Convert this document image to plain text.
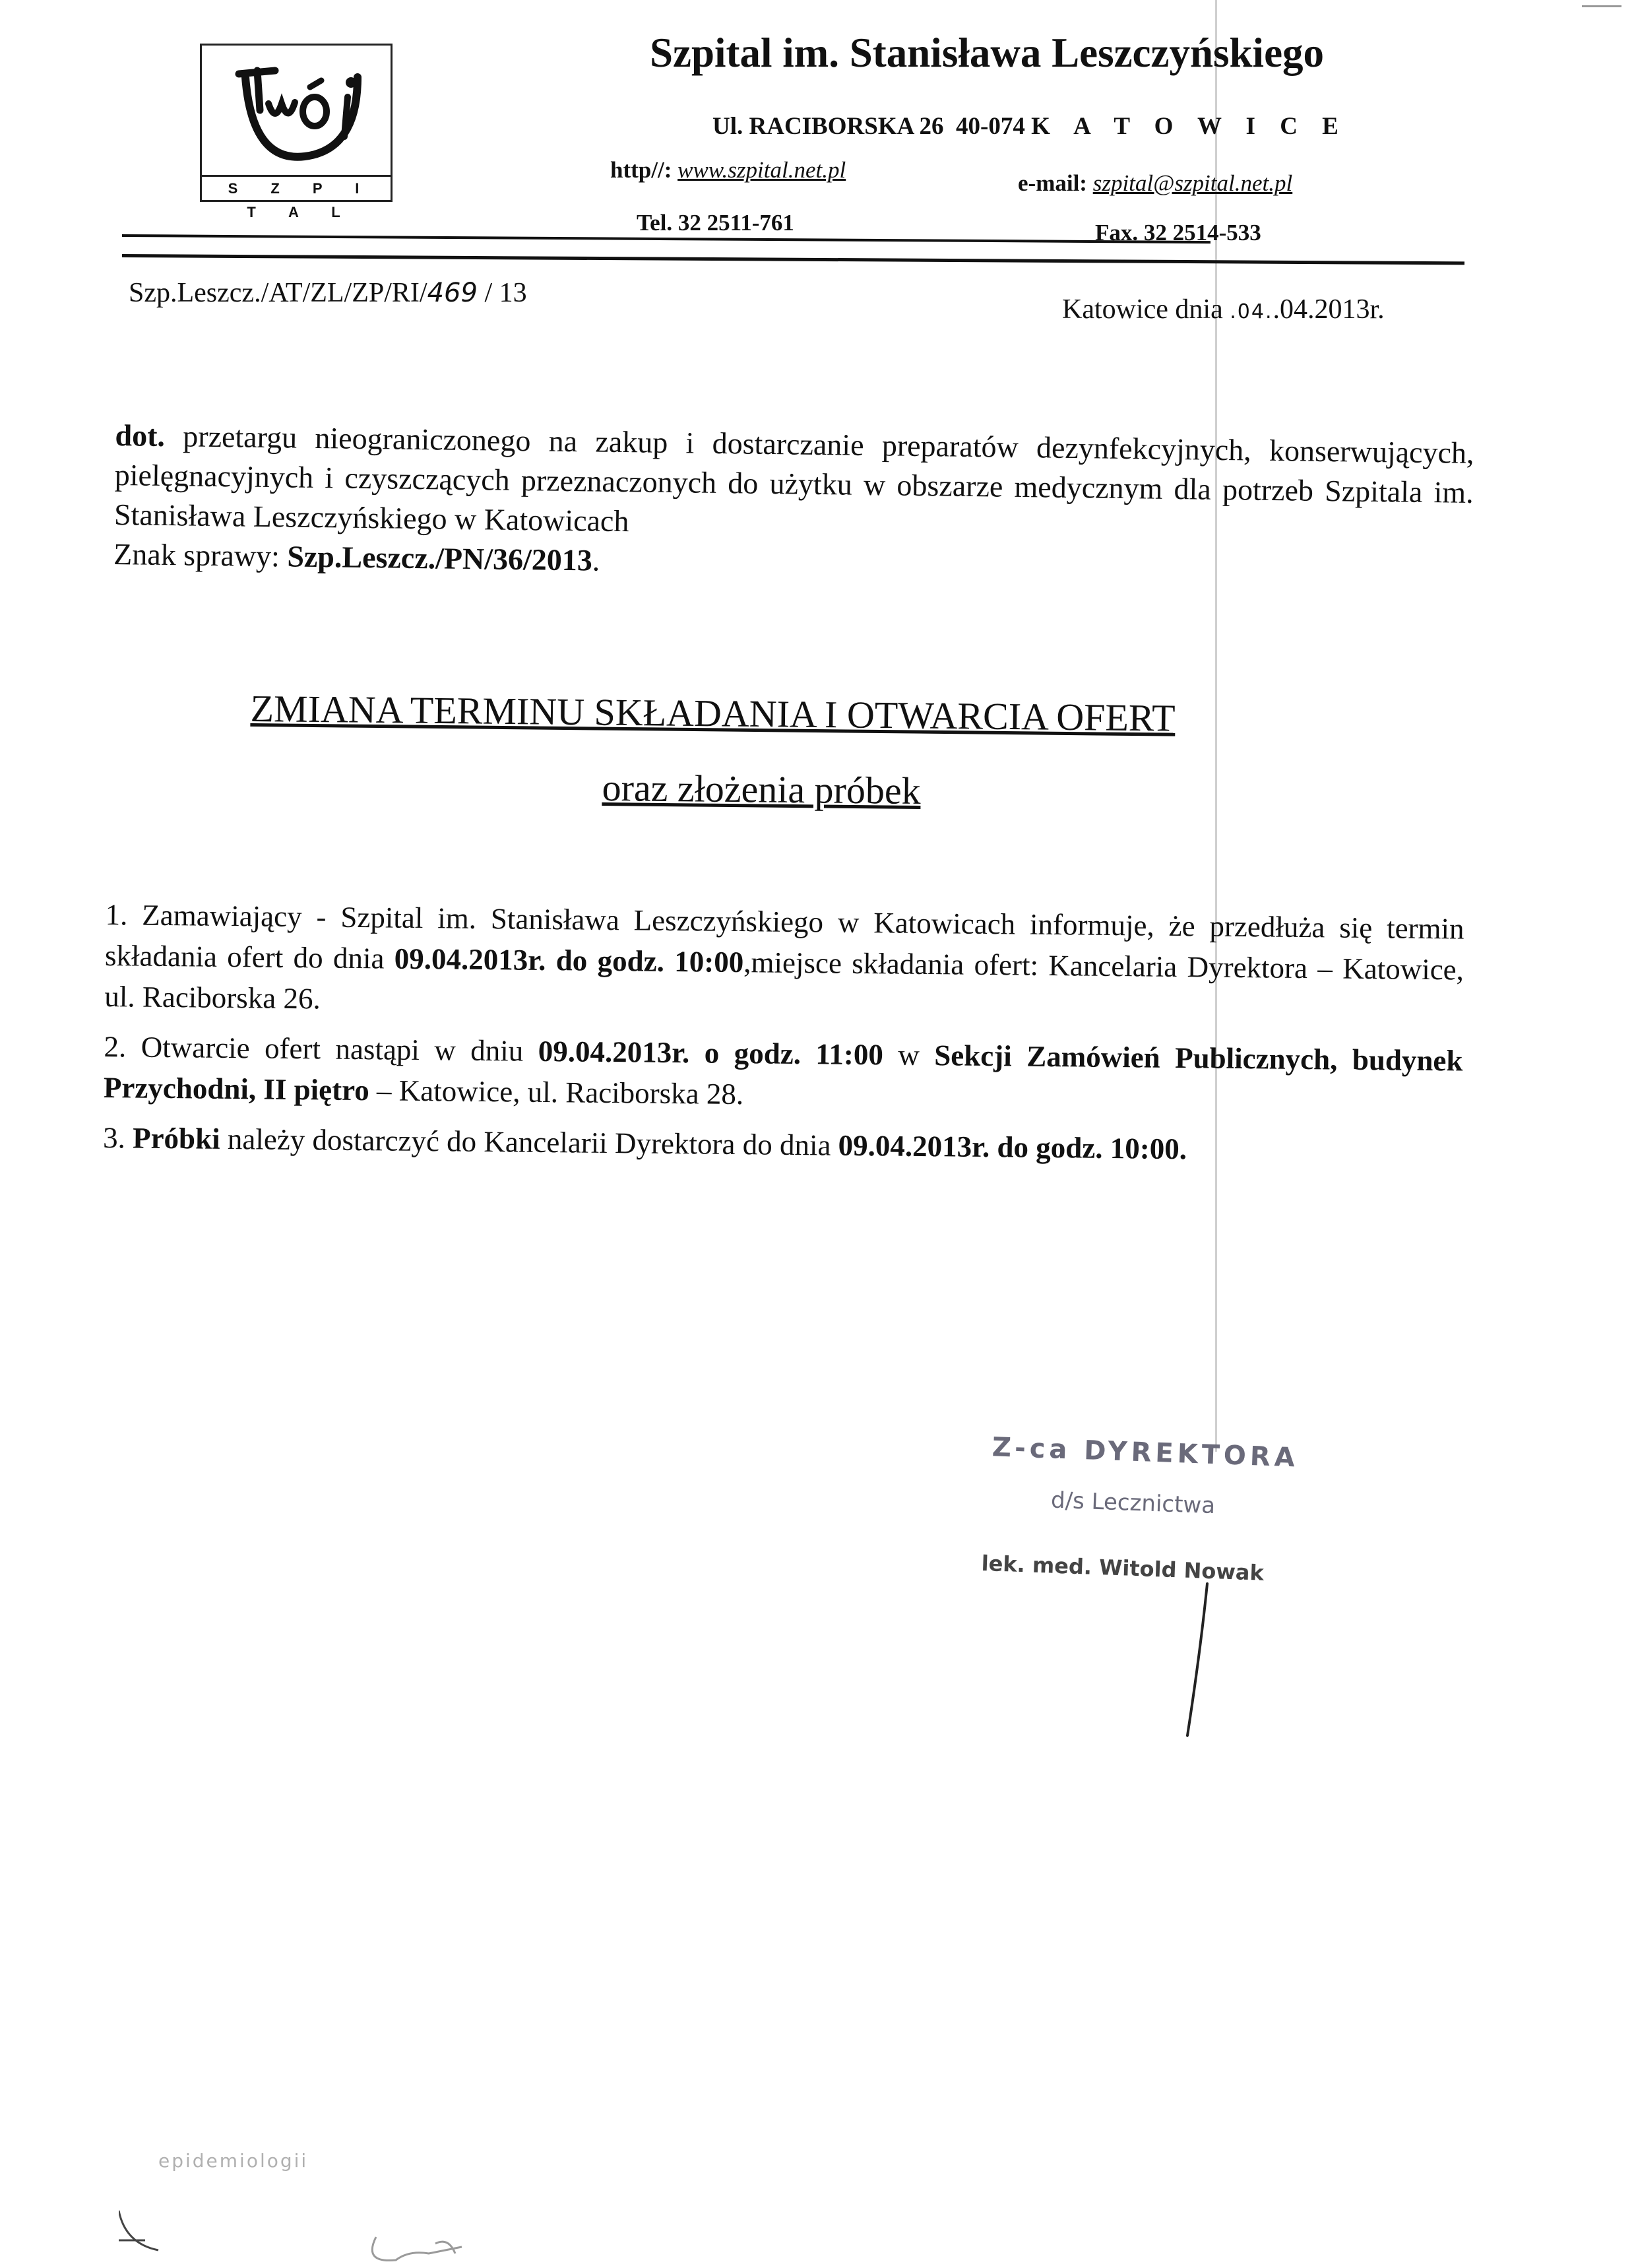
S Z P I T A L
Szpital im. Stanisława Leszczyńskiego
Ul. RACIBORSKA 26 40-074 K A T O W I C E
http//: www.szpital.net.pl
e-mail: szpital@szpital.net.pl
Tel. 32 2511-761	Fax. 32 2514-533
Szp.Leszcz./AT/ZL/ZP/RI/469 / 13
Katowice dnia .04..04.2013r.

dot. przetargu nieograniczonego na zakup i dostarczanie preparatów dezynfekcyjnych, konserwujących, pielęgnacyjnych i czyszczących przeznaczonych do użytku w obszarze medycznym dla potrzeb Szpitala im. Stanisława Leszczyńskiego w Katowicach

Znak sprawy: Szp.Leszcz./PN/36/2013.

ZMIANA TERMINU SKŁADANIA I OTWARCIA OFERT
oraz złożenia próbek

1. Zamawiający - Szpital im. Stanisława Leszczyńskiego w Katowicach informuje, że przedłuża się termin składania ofert do dnia 09.04.2013r. do godz. 10:00,miejsce składania ofert: Kancelaria Dyrektora – Katowice, ul. Raciborska 26.

2. Otwarcie ofert nastąpi w dniu 09.04.2013r. o godz. 11:00 w Sekcji Zamówień Publicznych, budynek Przychodni, II piętro – Katowice, ul. Raciborska 28.

3. Próbki należy dostarczyć do Kancelarii Dyrektora do dnia 09.04.2013r. do godz. 10:00.

Z-ca DYREKTORA
d/s Lecznictwa
lek. med. Witold Nowak
epidemiologii
